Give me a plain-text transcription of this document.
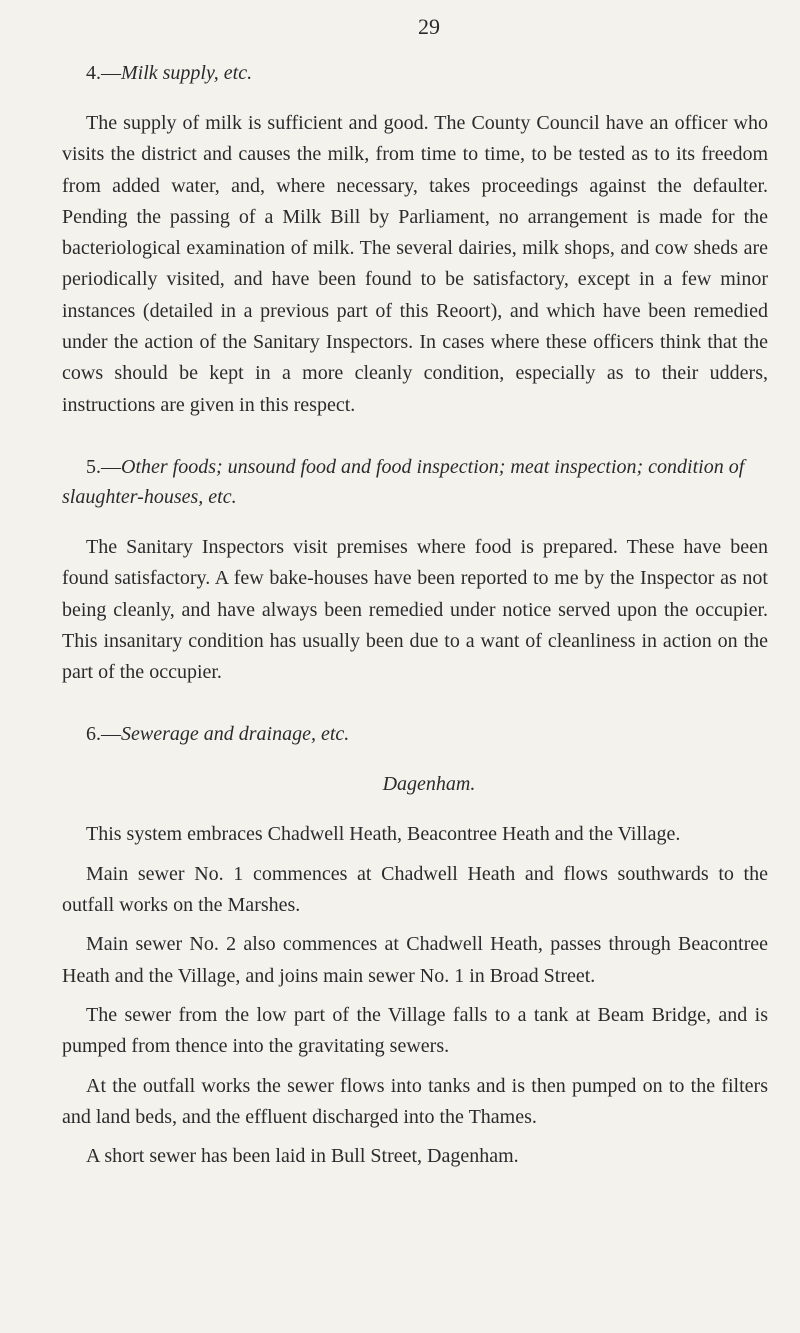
29

4.—Milk supply, etc.

The supply of milk is sufficient and good. The County Council have an officer who visits the district and causes the milk, from time to time, to be tested as to its freedom from added water, and, where necessary, takes proceedings against the defaulter. Pending the passing of a Milk Bill by Parliament, no arrangement is made for the bacteriological examination of milk. The several dairies, milk shops, and cow sheds are periodically visited, and have been found to be satisfactory, except in a few minor instances (detailed in a previous part of this Reoort), and which have been remedied under the action of the Sanitary Inspectors. In cases where these officers think that the cows should be kept in a more cleanly condition, especially as to their udders, instructions are given in this respect.

5.—Other foods; unsound food and food inspection; meat inspection; condition of slaughter-houses, etc.

The Sanitary Inspectors visit premises where food is prepared. These have been found satisfactory. A few bake-houses have been reported to me by the Inspector as not being cleanly, and have always been remedied under notice served upon the occupier. This insanitary condition has usually been due to a want of cleanliness in action on the part of the occupier.

6.—Sewerage and drainage, etc.

Dagenham.

This system embraces Chadwell Heath, Beacontree Heath and the Village.

Main sewer No. 1 commences at Chadwell Heath and flows southwards to the outfall works on the Marshes.

Main sewer No. 2 also commences at Chadwell Heath, passes through Beacontree Heath and the Village, and joins main sewer No. 1 in Broad Street.

The sewer from the low part of the Village falls to a tank at Beam Bridge, and is pumped from thence into the gravitating sewers.

At the outfall works the sewer flows into tanks and is then pumped on to the filters and land beds, and the effluent discharged into the Thames.

A short sewer has been laid in Bull Street, Dagenham.
